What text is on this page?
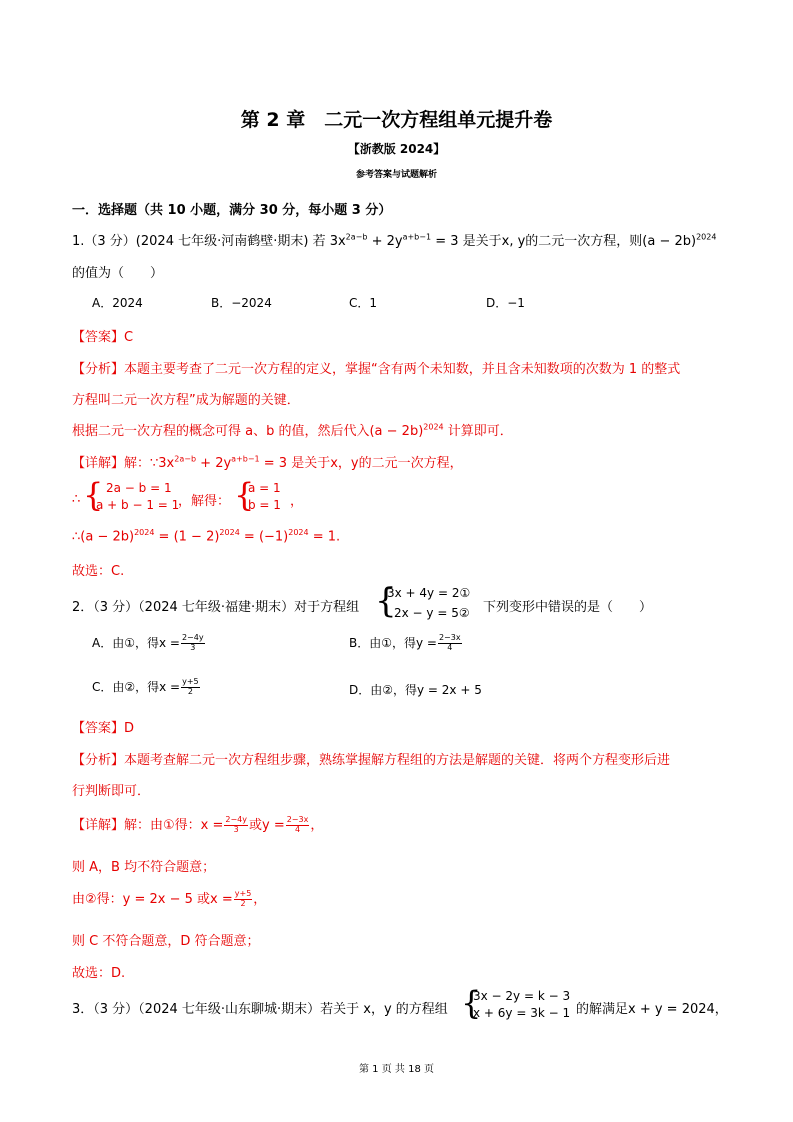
第 2 章　二元一次方程组单元提升卷
【浙教版 2024】
参考答案与试题解析
一．选择题（共 10 小题，满分 30 分，每小题 3 分）
1.（3 分）(2024 七年级·河南鹤壁·期末) 若 $3x^{2a-b} + 2y^{a+b-1} = 3$ 是关于x, y的二元一次方程，则$(a - 2b)^{2024}$
的值为（　　）
A．2024	B．−2024	C．1	D．−1
【答案】C
【分析】本题主要考查了二元一次方程的定义，掌握“含有两个未知数，并且含未知数项的次数为 1 的整式
方程叫二元一次方程”成为解题的关键．
根据二元一次方程的概念可得 a、b 的值，然后代入$(a - 2b)^{2024}$ 计算即可．
【详解】解：$\because 3x^{2a-b} + 2y^{a+b-1} = 3$ 是关于x，y的二元一次方程，
∴ { 2a − b = 1
a + b − 1 = 1
，解得： {
a = 1
b = 1 ，
∴(a − $2b)^{2024} = (1 - 2)^{2024} = (-1)^{2024} = 1$.
故选：C.
2．（3 分）（2024 七年级·福建·期末）对于方程组 {
3x + 4y = 2①
2x − y = 5② 下列变形中错误的是（　　）
A．由①，得$x = \frac{2-4y}{3}$	B．由①，得$y = \frac{2-3x}{4}$
C．由②，得$x = \frac{y+5}{2}$	D．由②，得y = 2x + 5
【答案】D
【分析】本题考查解二元一次方程组步骤，熟练掌握解方程组的方法是解题的关键．将两个方程变形后进
行判断即可．
【详解】解：由①得：$x = \frac{2-4y}{3}$ 或$y = \frac{2-3x}{4}$ ，
则 A，B 均不符合题意；
由②得：y = 2x − 5 或$x = \frac{y+5}{2}$ ，
则 C 不符合题意，D 符合题意；
故选：D.
3．（3 分）（2024 七年级·山东聊城·期末）若关于 x，y 的方程组 {
3x − 2y = k − 3
x + 6y = 3k − 1 的解满足x + y = 2024，
第 1 页 共 18 页
